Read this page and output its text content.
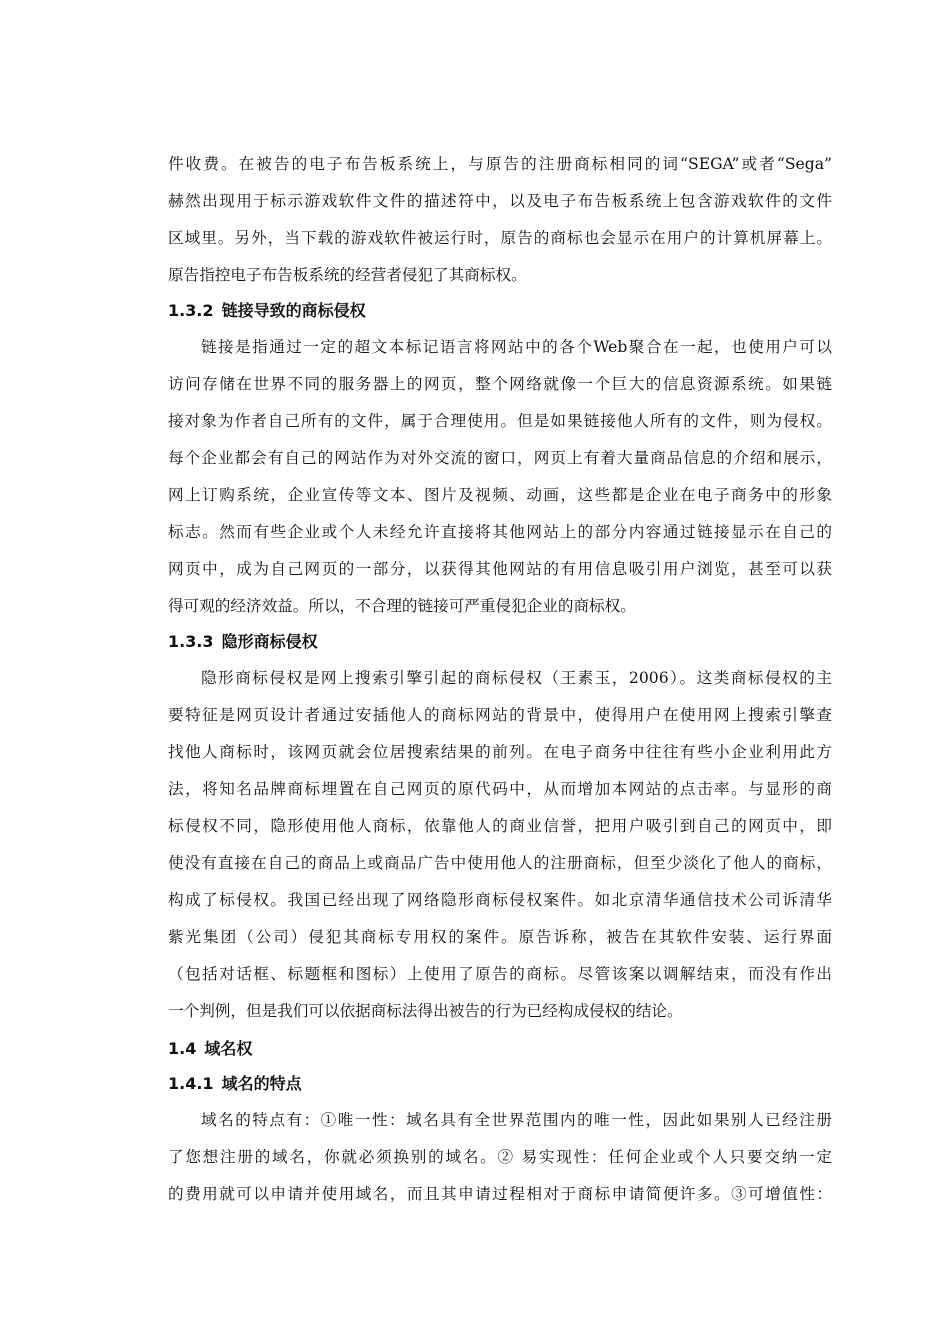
件收费。在被告的电子布告板系统上，与原告的注册商标相同的词“SEGA”或者“Sega”
赫然出现用于标示游戏软件文件的描述符中，以及电子布告板系统上包含游戏软件的文件
区域里。另外，当下载的游戏软件被运行时，原告的商标也会显示在用户的计算机屏幕上。
原告指控电子布告板系统的经营者侵犯了其商标权。
1.3.2 链接导致的商标侵权
链接是指通过一定的超文本标记语言将网站中的各个Web聚合在一起，也使用户可以
访问存储在世界不同的服务器上的网页，整个网络就像一个巨大的信息资源系统。如果链
接对象为作者自己所有的文件，属于合理使用。但是如果链接他人所有的文件，则为侵权。
每个企业都会有自己的网站作为对外交流的窗口，网页上有着大量商品信息的介绍和展示，
网上订购系统，企业宣传等文本、图片及视频、动画，这些都是企业在电子商务中的形象
标志。然而有些企业或个人未经允许直接将其他网站上的部分内容通过链接显示在自己的
网页中，成为自己网页的一部分，以获得其他网站的有用信息吸引用户浏览，甚至可以获
得可观的经济效益。所以，不合理的链接可严重侵犯企业的商标权。
1.3.3 隐形商标侵权
隐形商标侵权是网上搜索引擎引起的商标侵权（王素玉，2006）。这类商标侵权的主
要特征是网页设计者通过安插他人的商标网站的背景中，使得用户在使用网上搜索引擎查
找他人商标时，该网页就会位居搜索结果的前列。在电子商务中往往有些小企业利用此方
法，将知名品牌商标埋置在自己网页的原代码中，从而增加本网站的点击率。与显形的商
标侵权不同，隐形使用他人商标，依靠他人的商业信誉，把用户吸引到自己的网页中，即
使没有直接在自己的商品上或商品广告中使用他人的注册商标，但至少淡化了他人的商标，
构成了标侵权。我国已经出现了网络隐形商标侵权案件。如北京清华通信技术公司诉清华
紫光集团（公司）侵犯其商标专用权的案件。原告诉称，被告在其软件安装、运行界面
（包括对话框、标题框和图标）上使用了原告的商标。尽管该案以调解结束，而没有作出
一个判例，但是我们可以依据商标法得出被告的行为已经构成侵权的结论。
1.4 域名权
1.4.1 域名的特点
域名的特点有：①唯一性：域名具有全世界范围内的唯一性，因此如果别人已经注册
了您想注册的域名，你就必须换别的域名。② 易实现性：任何企业或个人只要交纳一定
的费用就可以申请并使用域名，而且其申请过程相对于商标申请简便许多。③可增值性：
